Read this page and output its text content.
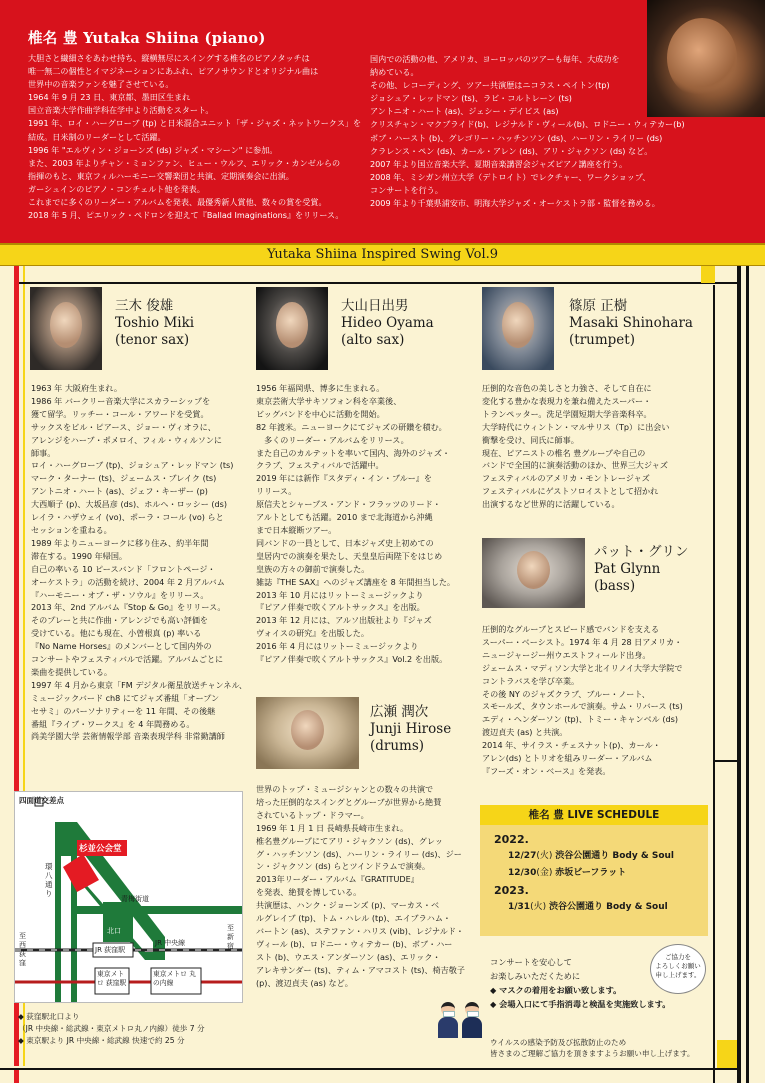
椎名 豊 Yutaka Shiina (piano)
大胆さと繊細さをあわせ持ち、縦横無尽にスイングする椎名のピアノタッチは
唯一無二の個性とイマジネーションにあふれ、ピアノサウンドとオリジナル曲は
世界中の音楽ファンを魅了させている。
1964 年 9 月 23 日、東京都、墨田区生まれ
国立音楽大学作曲学科在学中より活動をスタート。
1991 年、ロイ・ハーグローブ (tp) と日米混合ユニット「ザ・ジャズ・ネットワークス」を
結成。日米制のリーダーとして活躍。
1996 年 "エルヴィン・ジョーンズ (ds) ジャズ・マシーン" に参加。
また、2003 年よりチャン・ミョンファン、ヒュー・ウルフ、エリック・カンゼルらの
指揮のもと、東京フィルハーモニー交響楽団と共演、定期演奏会に出演。
ガーシュインのピアノ・コンチェルト他を発表。
これまでに多くのリーダー・アルバムを発表、最優秀新人賞他、数々の賞を受賞。
2018 年 5 月、ピエリック・ペドロンを迎えて『Ballad Imaginations』をリリース。
国内での活動の他、アメリカ、ヨーロッパのツアーも毎年、大成功を
納めている。
その他、レコーディング、ツアー共演歴はニコラス・ペイトン(tp)
ジョシュア・レッドマン (ts)、ラビ・コルトレーン (ts)
アントニオ・ハート (as)、ジェシー・デイビス (as)
クリスチャン・マクブライド(b)、レジナルド・ヴィール(b)、ロドニー・ウィテカー(b)
ボブ・ハースト (b)、グレゴリー・ハッチンソン (ds)、ハーリン・ライリー (ds)
クラレンス・ペン (ds)、カール・アレン (ds)、アリ・ジャクソン (ds) など。
2007 年より国立音楽大学、夏期音楽講習会ジャズピアノ講座を行う。
2008 年、ミシガン州立大学（デトロイト）でレクチャー、ワークショップ、
コンサートを行う。
2009 年より千葉県浦安市、明海大学ジャズ・オーケストラ部・監督を務める。
Yutaka Shiina Inspired Swing Vol.9
三木 俊雄
Toshio Miki
(tenor sax)
1963 年 大阪府生まれ。
1986 年 バークリー音楽大学にスカラーシップを
獲て留学。リッチー・コール・アワードを受賞。
サックスをビル・ピアース、ジョー・ヴィオラに、
アレンジをハーブ・ポメロイ、フィル・ウィルソンに
師事。
ロイ・ハーグローブ (tp)、ジョシュア・レッドマン (ts)
マーク・ターナー (ts)、ジェームス・ブレイク (ts)
アントニオ・ハート (as)、ジェフ・キーザー (p)
大西順子 (p)、大坂昌彦 (ds)、ホルヘ・ロッシー (ds)
レイラ・ハザウェイ (vo)、ポーラ・コール (vo) らと
セッションを重ねる。
1989 年よりニューヨークに移り住み、約半年間
滞在する。1990 年帰国。
自己の率いる 10 ピースバンド「フロントページ・
オーケストラ」の活動を続け、2004 年 2 月アルバム
『ハーモニー・オブ・ザ・ソウル』をリリース。
2013 年、2nd アルバム『Stop & Go』をリリース。
そのプレーと共に作曲・アレンジでも高い評価を
受けている。他にも現在、小曽根真 (p) 率いる
『No Name Horses』のメンバーとして国内外の
コンサートやフェスティバルで活躍。アルバムごとに
楽曲を提供している。
1997 年 4 月から東京「FM デジタル衛星放送チャンネル、
ミュージックバード ch8 にてジャズ番組「オープン
セサミ」のパーソナリティーを 11 年間、その後継
番組『ライブ・ワークス』を 4 年間務める。
尚美学園大学 芸術情報学部 音楽表現学科 非常勤講師
大山日出男
Hideo Oyama
(alto sax)
1956 年福岡県、博多に生まれる。
東京芸術大学サキソフォン科を卒業後、
ビッグバンドを中心に活動を開始。
82 年渡米。ニューヨークにてジャズの研鑽を積む。
　多くのリーダー・アルバムをリリース。
また自己のカルテットを率いて国内、海外のジャズ・
クラブ、フェスティバルで活躍中。
2019 年には新作『スタディ・イン・ブルー』を
リリース。
原信夫とシャープス・アンド・フラッツのリード・
アルトとしても活躍。2010 まで北海道から沖縄
まで日本縦断ツアー。
同バンドの一員として、日本ジャズ史上初めての
皇居内での演奏を果たし、天皇皇后両陛下をはじめ
皇族の方々の御前で演奏した。
雑誌『THE SAX』へのジャズ講座を 8 年間担当した。
2013 年 10 月にはリットーミュージックより
『ピアノ伴奏で吹くアルトサックス』を出版。
2013 年 12 月には、アルソ出版社より『ジャズ
ヴォイスの研究』を出版した。
2016 年 4 月にはリットーミュージックより
『ピアノ伴奏で吹くアルトサックス』Vol.2 を出版。
篠原 正樹
Masaki Shinohara
(trumpet)
圧倒的な音色の美しさと力強さ、そして自在に
変化する豊かな表現力を兼ね備えたスーパー・
トランペッター。洗足学園短期大学音楽科卒。
大学時代にウィントン・マルサリス（Tp）に出会い
衝撃を受け、同氏に師事。
現在、ピアニストの椎名 豊グループや自己の
バンドで全国的に演奏活動のほか、世界三大ジャズ
フェスティバルのアメリカ・モントレージャズ
フェスティバルにゲストソロイストとして招かれ
出演するなど世界的に活躍している。
パット・グリン
Pat Glynn
(bass)
圧倒的なグルーブとスピード感でバンドを支える
スーパー・ベーシスト。1974 年 4 月 28 日アメリカ・
ニュージャージー州ウエストフィールド出身。
ジェームス・マディソン大学と北イリノイ大学大学院で
コントラバスを学び卒業。
その後 NY のジャズクラブ、ブルー・ノート、
スモールズ、タウンホールで演奏。サム・リバース (ts)
エディ・ヘンダーソン (tp)、トミー・キャンベル (ds)
渡辺貞夫 (as) と共演。
2014 年、サイラス・チェスナット(p)、カール・
アレン(ds) とトリオを組みリーダー・アルバム
『フーズ・オン・ベース』を発表。
広瀬 潤次
Junji Hirose
(drums)
世界のトップ・ミュージシャンとの数々の共演で
培った圧倒的なスイングとグルーブが世界から絶賛
されているトップ・ドラマー。
1969 年 1 月 1 日 長崎県長崎市生まれ。
椎名豊グループにてアリ・ジャクソン (ds)、グレッ
グ・ハッチンソン (ds)、ハーリン・ライリー (ds)、ジー
ン・ジャクソン (ds) らとツインドラムで演奏。
2013年リーダー・アルバム『GRATITUDE』
を発表、絶賛を博している。
共演歴は、ハンク・ジョーンズ (p)、マーカス・ベ
ルグレイブ (tp)、トム・ハレル (tp)、エイブラハム・
バートン (as)、ステファン・ハリス (vib)、レジナルド・
ヴィール (b)、ロドニー・ウィテカー (b)、ボブ・ハー
スト (b)、ウエス・アンダーソン (as)、エリック・
アレキサンダー (ts)、ティム・アマコスト (ts)、椅吉敬子
(p)、渡辺貞夫 (as) など。
四面道交差点
杉並公会堂
環八通り
青梅街道
北口
JR 荻窪駅
JR 中央線
東京メトロ 荻窪駅
東京メトロ 丸の内線
至西荻窪
至新宿
◆ 荻窪駅北口より
（JR 中央線・総武線・東京メトロ丸ノ内線）徒歩 7 分
◆ 東京駅より JR 中央線・総武線 快速で約 25 分
椎名 豊 LIVE SCHEDULE
2022.
12/27(火) 渋谷公園通り Body & Soul
12/30(金) 赤坂ビーフラット
2023.
1/31(火) 渋谷公園通り Body & Soul
コンサートを安心して
お楽しみいただくために
◆ マスクの着用をお願い致します。
◆ 会場入口にて手指消毒と検温を実施致します。
ご協力を
よろしくお願い
申し上げます。
ウイルスの感染予防及び拡散防止のため
皆さまのご理解ご協力を頂きますようお願い申し上げます。
